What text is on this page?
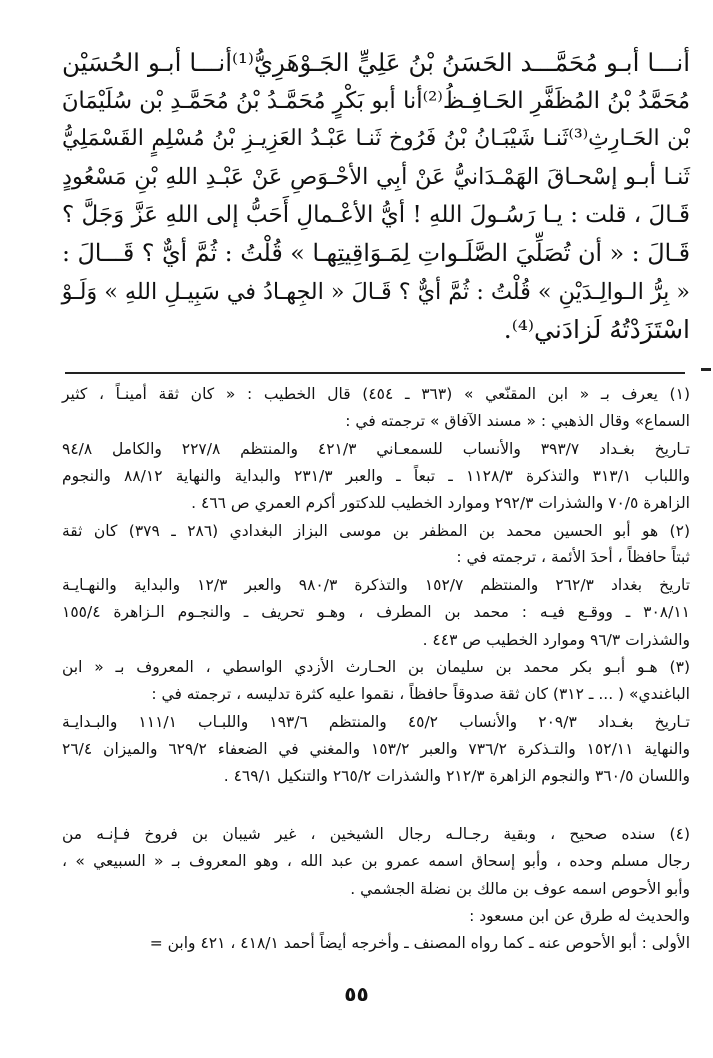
أنـــا أبـو مُحَمَّـــد الحَسَنُ بْنُ عَلِيٍّ الجَـوْهَرِيُّ⁽¹⁾أنـــا أبـو الحُسَيْن
مُحَمَّدُ بْنُ المُظَفَّرِ الحَـافِـظُ⁽²⁾أنا أبو بَكْرٍ مُحَمَّـدُ بْنُ مُحَمَّـدِ بْن سُلَيْمَانَ
بْن الحَـارِثِ⁽³⁾ثَنـا شَيْبَـانُ بْنُ فَرُوخ ثَنـا عَبْـدُ العَزِيـزِ بْنُ مُسْلِمٍ القَسْمَلِيُّ
ثَنـا أبـو إسْحـاقَ الهَمْـدَانيُّ عَنْ أبِي الأحْـوَصِ عَنْ عَبْـدِ اللهِ بْنِ مَسْعُودٍ
قَـالَ ، قلت : يـا رَسُـولَ اللهِ ! أيُّ الأعْـمالِ أَحَبُّ إلى اللهِ عَزَّ وَجَلَّ ؟
قَـالَ : « أن تُصَلِّيَ الصَّلَـواتِ لِمَـوَاقِيتِهـا » قُلْتُ : ثُمَّ أيٌّ ؟ قَـــالَ :
« بِرُّ الـوالِـدَيْنِ » قُلْتُ : ثُمَّ أيٌّ ؟ قَـالَ « الجِهـادُ في سَبِيـلِ اللهِ » وَلَـوْ
اسْتَزَدْتُهُ لَزادَني⁽⁴⁾.
(١) يعرف بـ « ابن المقنّعي » (٣٦٣ ـ ٤٥٤) قال الخطيب : « كان ثقة أمينـاً ، كثير
السماع» وقال الذهبي : « مسند الآفاق » ترجمته في :
تـاريخ بغـداد ٣٩٣/٧ والأنساب للسمعـاني ٤٢١/٣ والمنتظم ٢٢٧/٨ والكامل ٩٤/٨
واللباب ٣١٣/١ والتذكرة ١١٢٨/٣ ـ تبعاً ـ والعبر ٢٣١/٣ والبداية والنهاية ٨٨/١٢ والنجوم
الزاهرة ٧٠/٥ والشذرات ٢٩٢/٣ وموارد الخطيب للدكتور أكرم العمري ص ٤٦٦ .
(٢) هو أبو الحسين محمد بن المظفر بن موسى البزاز البغدادي (٢٨٦ ـ ٣٧٩) كان ثقة
ثبتاً حافظاً ، أحدَ الأئمة ، ترجمته في :
تاريخ بغداد ٢٦٢/٣ والمنتظم ١٥٢/٧ والتذكرة ٩٨٠/٣ والعبر ١٢/٣ والبداية والنهـايـة
٣٠٨/١١ ـ ووقـع فيـه : محمد بن المطرف ، وهـو تحريف ـ والنجـوم الـزاهرة ١٥٥/٤
والشذرات ٩٦/٣ وموارد الخطيب ص ٤٤٣ .
(٣) هـو أبـو بكر محمد بن سليمان بن الحـارث الأزدي الواسطي ، المعروف بـ « ابن
الباغندي» ( ... ـ ٣١٢) كان ثقة صدوقاً حافظاً ، نقموا عليه كثرة تدليسه ، ترجمته في :
تـاريخ بغـداد ٢٠٩/٣ والأنساب ٤٥/٢ والمنتظم ١٩٣/٦ واللبـاب ١١١/١ والبـدايـة
والنهاية ١٥٢/١١ والتـذكرة ٧٣٦/٢ والعبر ١٥٣/٢ والمغني في الضعفاء ٦٢٩/٢ والميزان ٢٦/٤
واللسان ٣٦٠/٥ والنجوم الزاهرة ٢١٢/٣ والشذرات ٢٦٥/٢ والتنكيل ٤٦٩/١ .
(٤) سنده صحيح ، وبقية رجـالـه رجال الشيخين ، غير شيبان بن فروخ فـإنـه من
رجال مسلم وحده ، وأبو إسحاق اسمه عمرو بن عبد الله ، وهو المعروف بـ « السبيعي » ،
وأبو الأحوص اسمه عوف بن مالك بن نضلة الجشمي .
والحديث له طرق عن ابن مسعود :
الأولى : أبو الأحوص عنه ـ كما رواه المصنف ـ وأخرجه أيضاً أحمد ٤١٨/١ ، ٤٢١ وابن =
٥٥
